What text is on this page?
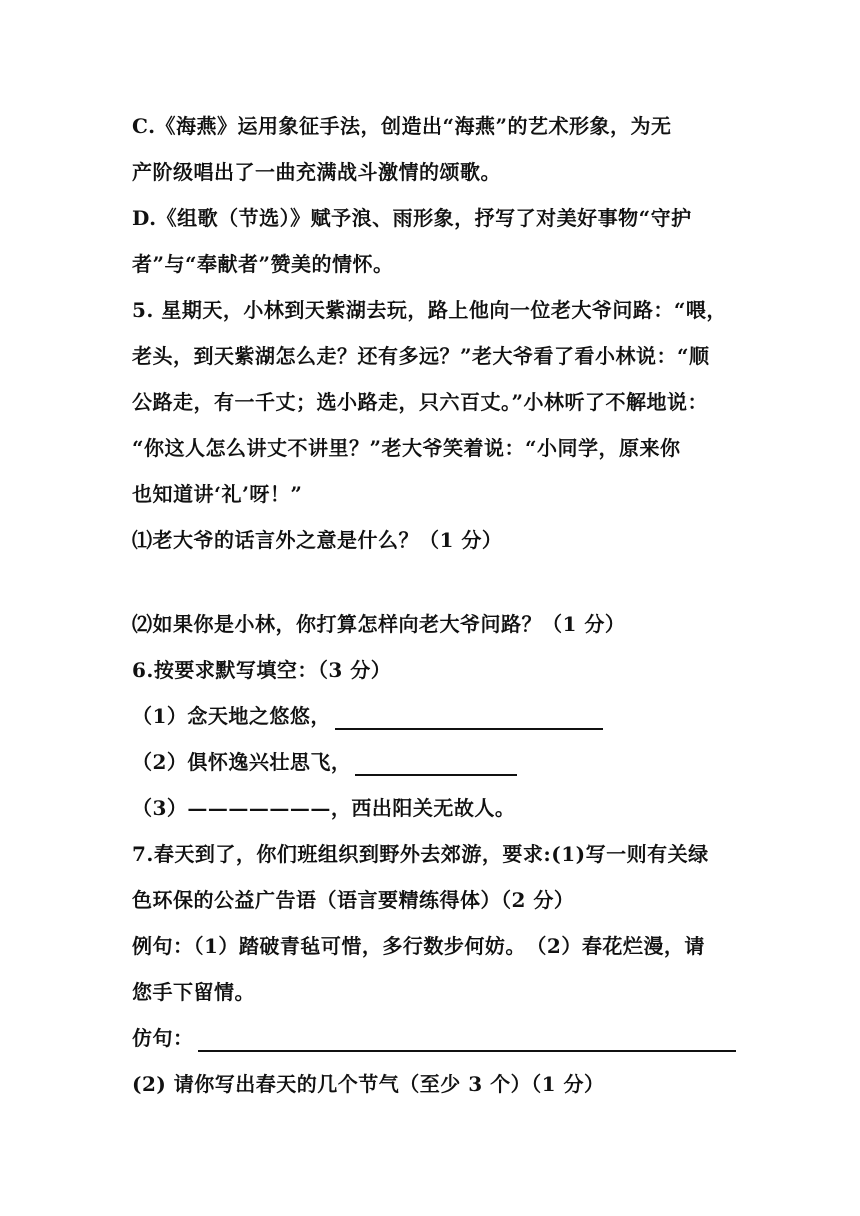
C.《海燕》运用象征手法，创造出“海燕”的艺术形象，为无
产阶级唱出了一曲充满战斗激情的颂歌。
D.《组歌（节选）》赋予浪、雨形象，抒写了对美好事物“守护
者”与“奉献者”赞美的情怀。
5. 星期天，小林到天紫湖去玩，路上他向一位老大爷问路：“喂，
老头，到天紫湖怎么走？还有多远？”老大爷看了看小林说：“顺
公路走，有一千丈；选小路走，只六百丈。”小林听了不解地说：
“你这人怎么讲丈不讲里？”老大爷笑着说：“小同学，原来你
也知道讲‘礼’呀！”
⑴老大爷的话言外之意是什么？（1 分）
⑵如果你是小林，你打算怎样向老大爷问路？（1 分）
6.按要求默写填空：（3 分）
（1）念天地之悠悠，
（2）俱怀逸兴壮思飞，
（3）———————，西出阳关无故人。
7.春天到了，你们班组织到野外去郊游，要求:(1)写一则有关绿
色环保的公益广告语（语言要精练得体）（2 分）
例句：（1）踏破青毡可惜，多行数步何妨。　（2）春花烂漫，请
您手下留情。
仿句：
(2) 请你写出春天的几个节气（至少 3 个）（1 分）
